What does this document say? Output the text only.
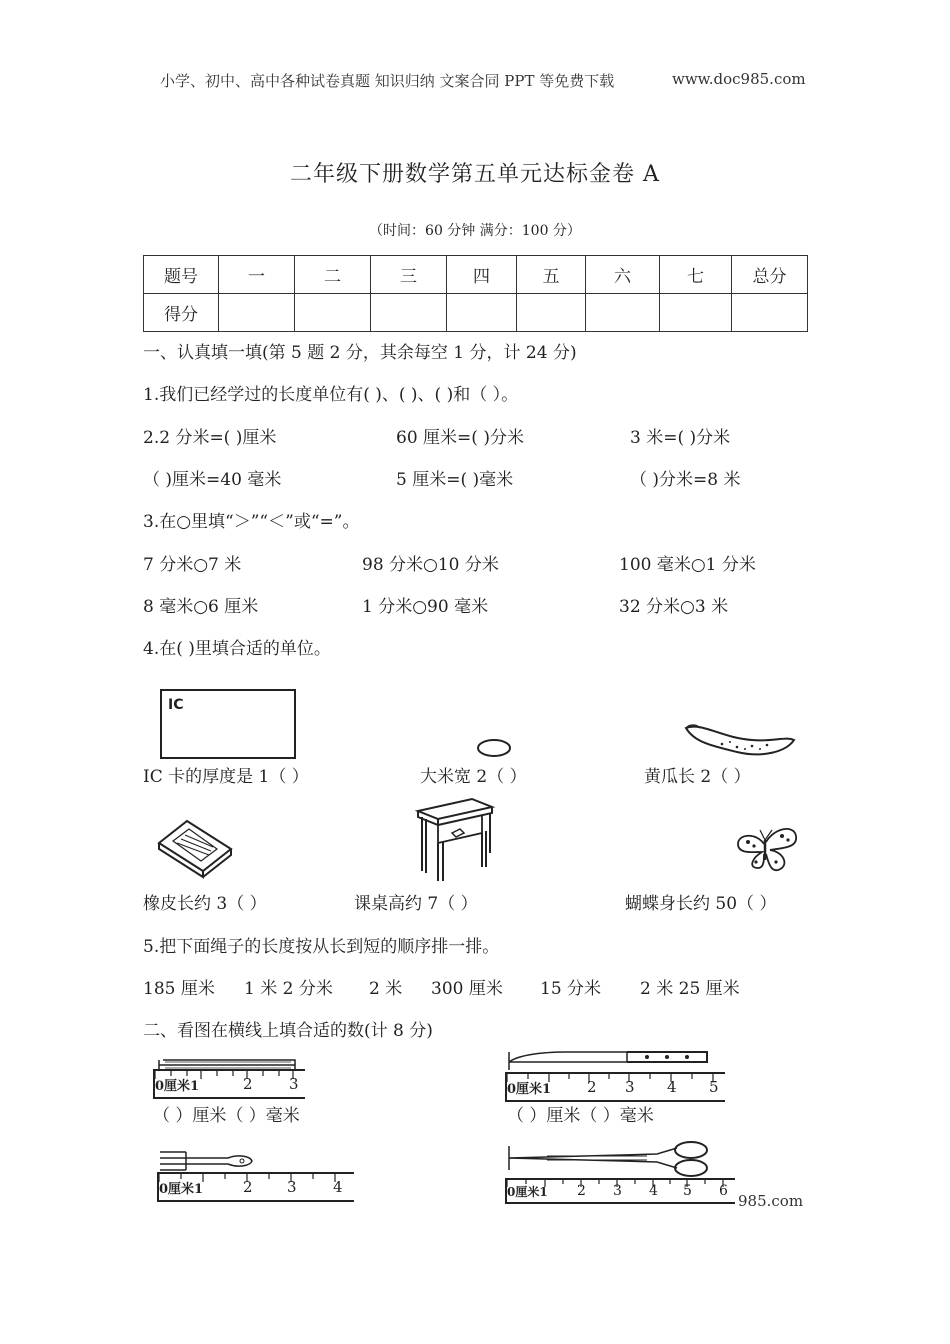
小学、初中、高中各种试卷真题 知识归纳 文案合同 PPT 等免费下载	www.doc985.com
二年级下册数学第五单元达标金卷 A
（时间：60 分钟 满分：100 分）
题号	一	二	三	四	五	六	七	总分
得分								
一、认真填一填(第 5 题 2 分，其余每空 1 分，计 24 分)
1.我们已经学过的长度单位有( )、( )、( )和（ ）。
2.2 分米=( )厘米	60 厘米=( )分米	3 米=( )分米
（ )厘米=40 毫米	5 厘米=( )毫米	（ )分米=8 米
3.在○里填“＞”“＜”或“=”。
7 分米○7 米	98 分米○10 分米	100 毫米○1 分米
8 毫米○6 厘米	1 分米○90 毫米	32 分米○3 米
4.在( )里填合适的单位。
IC
IC 卡的厚度是 1（ ）	大米宽 2（ ）	黄瓜长 2（ ）
橡皮长约 3（ ）	课桌高约 7（ ）	蝴蝶身长约 50（ ）
5.把下面绳子的长度按从长到短的顺序排一排。
185 厘米 1 米 2 分米 2 米 300 厘米 15 分米 2 米 25 厘米
二、看图在横线上填合适的数(计 8 分)
0厘米1	2 3
（ ）厘米（ ）毫米
0厘米1 2 3 4 5
（ ）厘米（ ）毫米
0厘米1	2 3 4	0厘米1 2 3 4 5 6
小学、初中、高中各种试卷真题 知识归纳 文案	985.com
